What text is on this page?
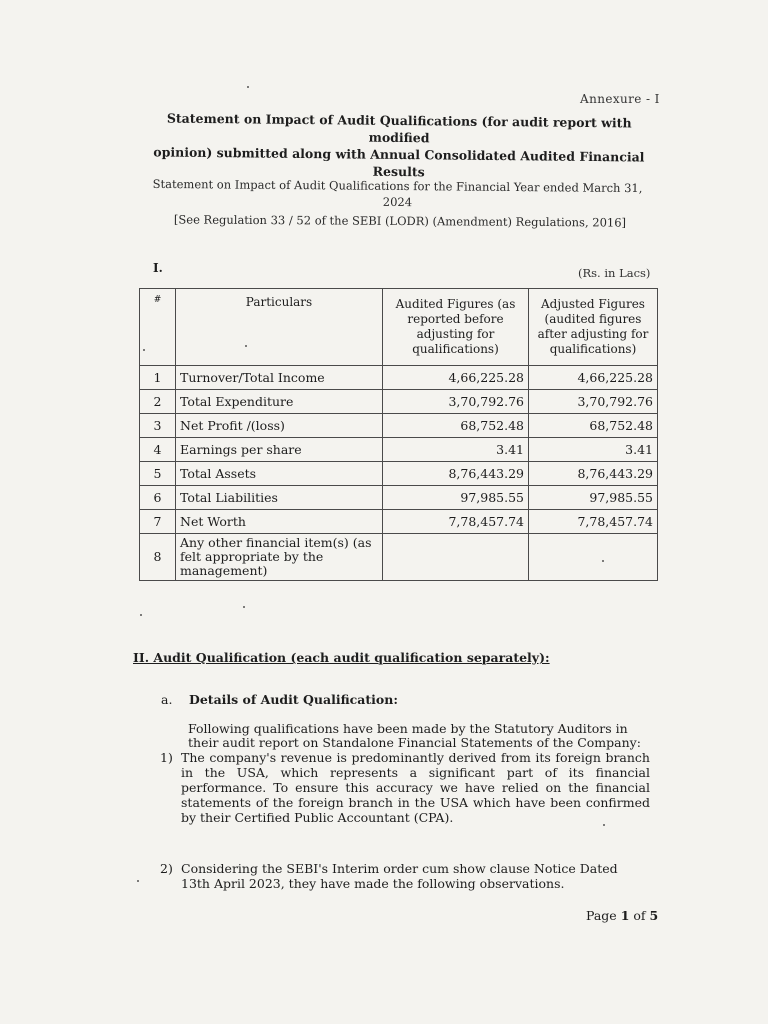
Annexure - I
Statement on Impact of Audit Qualifications (for audit report with modified
opinion) submitted along with Annual Consolidated Audited Financial Results
Statement on Impact of Audit Qualifications for the Financial Year ended March 31,
2024
[See Regulation 33 / 52 of the SEBI (LODR) (Amendment) Regulations, 2016]
I.	(Rs. in Lacs)
#	Particulars	Audited Figures (as reported before adjusting for qualifications)	Adjusted Figures (audited figures after adjusting for qualifications)
1	Turnover/Total Income	4,66,225.28	4,66,225.28
2	Total Expenditure	3,70,792.76	3,70,792.76
3	Net Profit /(loss)	68,752.48	68,752.48
4	Earnings per share	3.41	3.41
5	Total Assets	8,76,443.29	8,76,443.29
6	Total Liabilities	97,985.55	97,985.55
7	Net Worth	7,78,457.74	7,78,457.74
8	Any other financial item(s) (as felt appropriate by the management)		
II. Audit Qualification (each audit qualification separately):
a. Details of Audit Qualification:
Following qualifications have been made by the Statutory Auditors in their audit report on Standalone Financial Statements of the Company:
1) The company's revenue is predominantly derived from its foreign branch in the USA, which represents a significant part of its financial performance. To ensure this accuracy we have relied on the financial statements of the foreign branch in the USA which have been confirmed by their Certified Public Accountant (CPA).
2) Considering the SEBI's Interim order cum show clause Notice Dated 13th April 2023, they have made the following observations.
Page 1 of 5
